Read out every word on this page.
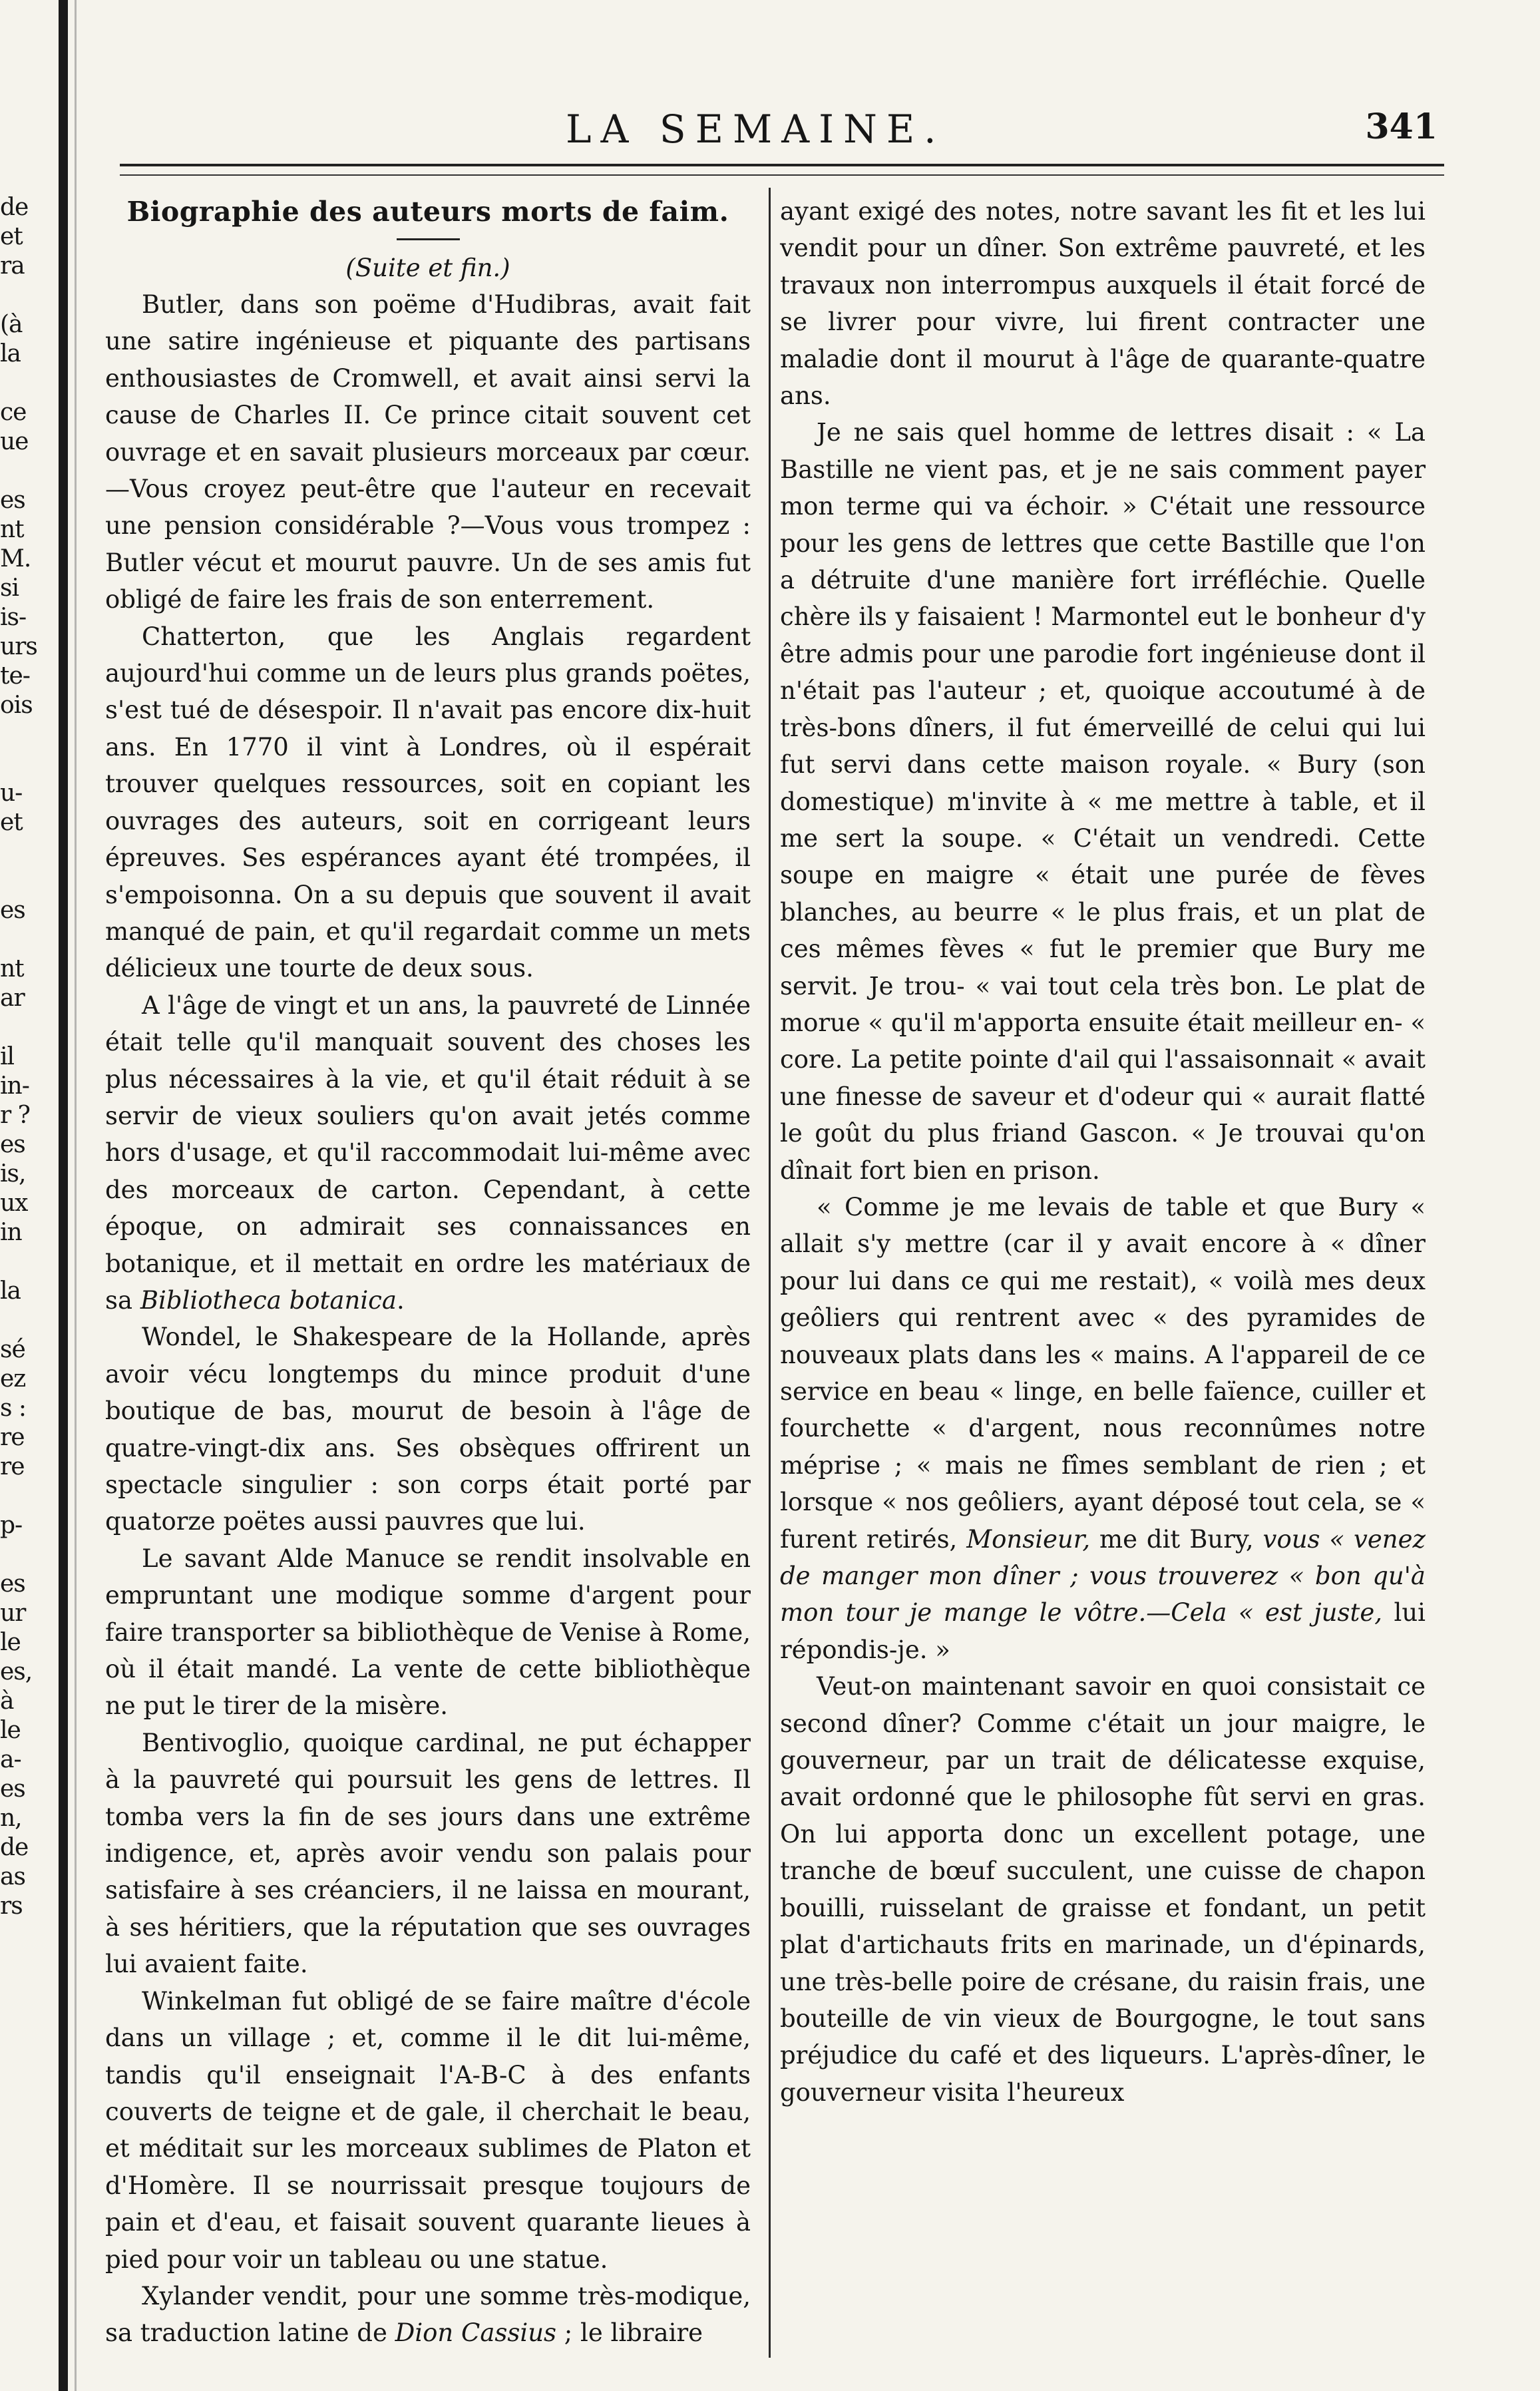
de
et
ra
(à
la
ce
ue
es
nt
M.
si
is-
urs
te-
ois
u-
et
es
nt
ar
il
in-
r ?
es
is,
ux
in
la
sé
ez
s :
re
re
p-
es
ur
le
es,
à
le
a-
es
n,
de
as
rs
LA SEMAINE.	341
Biographie des auteurs morts de faim.

(Suite et fin.)

Butler, dans son poëme d'Hudibras, avait fait une satire ingénieuse et piquante des partisans enthousiastes de Cromwell, et avait ainsi servi la cause de Charles II. Ce prince citait souvent cet ouvrage et en savait plusieurs morceaux par cœur.—Vous croyez peut-être que l'auteur en recevait une pension considérable ?—Vous vous trompez : Butler vécut et mourut pauvre. Un de ses amis fut obligé de faire les frais de son enterrement.

Chatterton, que les Anglais regardent aujourd'hui comme un de leurs plus grands poëtes, s'est tué de désespoir. Il n'avait pas encore dix-huit ans. En 1770 il vint à Londres, où il espérait trouver quelques ressources, soit en copiant les ouvrages des auteurs, soit en corrigeant leurs épreuves. Ses espérances ayant été trompées, il s'empoisonna. On a su depuis que souvent il avait manqué de pain, et qu'il regardait comme un mets délicieux une tourte de deux sous.

A l'âge de vingt et un ans, la pauvreté de Linnée était telle qu'il manquait souvent des choses les plus nécessaires à la vie, et qu'il était réduit à se servir de vieux souliers qu'on avait jetés comme hors d'usage, et qu'il raccommodait lui-même avec des morceaux de carton. Cependant, à cette époque, on admirait ses connaissances en botanique, et il mettait en ordre les matériaux de sa Bibliotheca botanica.

Wondel, le Shakespeare de la Hollande, après avoir vécu longtemps du mince produit d'une boutique de bas, mourut de besoin à l'âge de quatre-vingt-dix ans. Ses obsèques offrirent un spectacle singulier : son corps était porté par quatorze poëtes aussi pauvres que lui.

Le savant Alde Manuce se rendit insolvable en empruntant une modique somme d'argent pour faire transporter sa bibliothèque de Venise à Rome, où il était mandé. La vente de cette bibliothèque ne put le tirer de la misère.

Bentivoglio, quoique cardinal, ne put échapper à la pauvreté qui poursuit les gens de lettres. Il tomba vers la fin de ses jours dans une extrême indigence, et, après avoir vendu son palais pour satisfaire à ses créanciers, il ne laissa en mourant, à ses héritiers, que la réputation que ses ouvrages lui avaient faite.

Winkelman fut obligé de se faire maître d'école dans un village ; et, comme il le dit lui-même, tandis qu'il enseignait l'A-B-C à des enfants couverts de teigne et de gale, il cherchait le beau, et méditait sur les morceaux sublimes de Platon et d'Homère. Il se nourrissait presque toujours de pain et d'eau, et faisait souvent quarante lieues à pied pour voir un tableau ou une statue.

Xylander vendit, pour une somme très-modique, sa traduction latine de Dion Cassius ; le libraire

ayant exigé des notes, notre savant les fit et les lui vendit pour un dîner. Son extrême pauvreté, et les travaux non interrompus auxquels il était forcé de se livrer pour vivre, lui firent contracter une maladie dont il mourut à l'âge de quarante-quatre ans.

Je ne sais quel homme de lettres disait : « La Bastille ne vient pas, et je ne sais comment payer mon terme qui va échoir. » C'était une ressource pour les gens de lettres que cette Bastille que l'on a détruite d'une manière fort irréfléchie. Quelle chère ils y faisaient ! Marmontel eut le bonheur d'y être admis pour une parodie fort ingénieuse dont il n'était pas l'auteur ; et, quoique accoutumé à de très-bons dîners, il fut émerveillé de celui qui lui fut servi dans cette maison royale. « Bury (son domestique) m'invite à « me mettre à table, et il me sert la soupe. « C'était un vendredi. Cette soupe en maigre « était une purée de fèves blanches, au beurre « le plus frais, et un plat de ces mêmes fèves « fut le premier que Bury me servit. Je trou- « vai tout cela très bon. Le plat de morue « qu'il m'apporta ensuite était meilleur en- « core. La petite pointe d'ail qui l'assaisonnait « avait une finesse de saveur et d'odeur qui « aurait flatté le goût du plus friand Gascon. « Je trouvai qu'on dînait fort bien en prison.

« Comme je me levais de table et que Bury « allait s'y mettre (car il y avait encore à « dîner pour lui dans ce qui me restait), « voilà mes deux geôliers qui rentrent avec « des pyramides de nouveaux plats dans les « mains. A l'appareil de ce service en beau « linge, en belle faïence, cuiller et fourchette « d'argent, nous reconnûmes notre méprise ; « mais ne fîmes semblant de rien ; et lorsque « nos geôliers, ayant déposé tout cela, se « furent retirés, Monsieur, me dit Bury, vous « venez de manger mon dîner ; vous trouverez « bon qu'à mon tour je mange le vôtre.—Cela « est juste, lui répondis-je. »

Veut-on maintenant savoir en quoi consistait ce second dîner? Comme c'était un jour maigre, le gouverneur, par un trait de délicatesse exquise, avait ordonné que le philosophe fût servi en gras. On lui apporta donc un excellent potage, une tranche de bœuf succulent, une cuisse de chapon bouilli, ruisselant de graisse et fondant, un petit plat d'artichauts frits en marinade, un d'épinards, une très-belle poire de crésane, du raisin frais, une bouteille de vin vieux de Bourgogne, le tout sans préjudice du café et des liqueurs. L'après-dîner, le gouverneur visita l'heureux
